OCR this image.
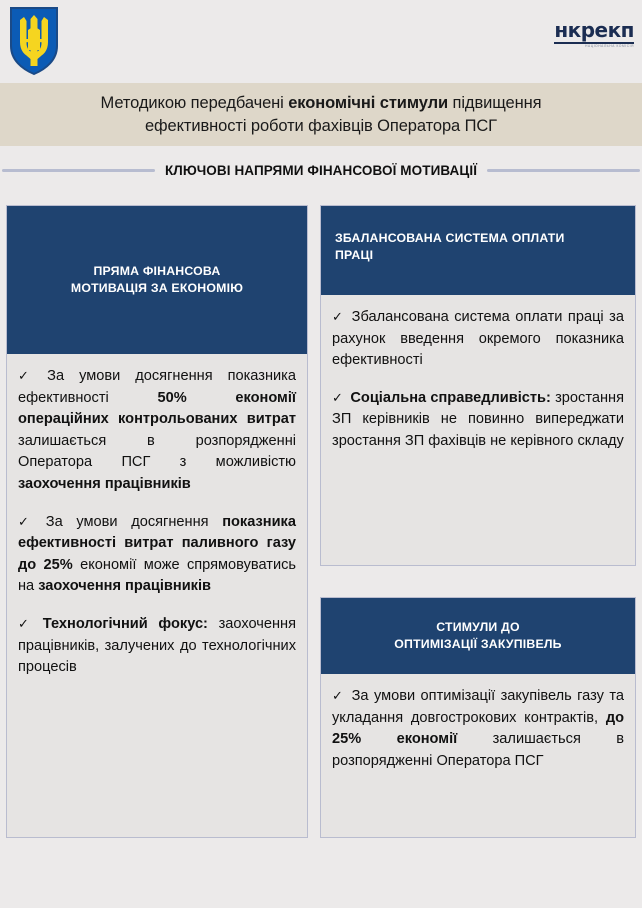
нкрекп
НАЦІОНАЛЬНА КОМІСІЯ
Методикою передбачені економічні стимули підвищення
ефективності роботи фахівців Оператора ПСГ
КЛЮЧОВІ НАПРЯМИ ФІНАНСОВОЇ МОТИВАЦІЇ
ПРЯМА ФІНАНСОВА
МОТИВАЦІЯ ЗА ЕКОНОМІЮ

✓  За умови досягнення показника ефективності 50% економії операційних контрольованих витрат залишається в розпорядженні Оператора ПСГ з можливістю заохочення працівників

✓  За умови досягнення показника ефективності витрат паливного газу до 25% економії може спрямовуватись на заохочення працівників

✓  Технологічний фокус: заохочення працівників, залучених до технологічних процесів

ЗБАЛАНСОВАНА СИСТЕМА ОПЛАТИ
ПРАЦІ

✓  Збалансована система оплати праці за рахунок введення окремого показника ефективності

✓  Соціальна справедливість: зростання ЗП керівників не повинно випереджати зростання ЗП фахівців не керівного складу

СТИМУЛИ ДО
ОПТИМІЗАЦІЇ ЗАКУПІВЕЛЬ

✓  За умови оптимізації закупівель газу та укладання довгострокових контрактів, до 25% економії залишається в розпорядженні Оператора ПСГ
